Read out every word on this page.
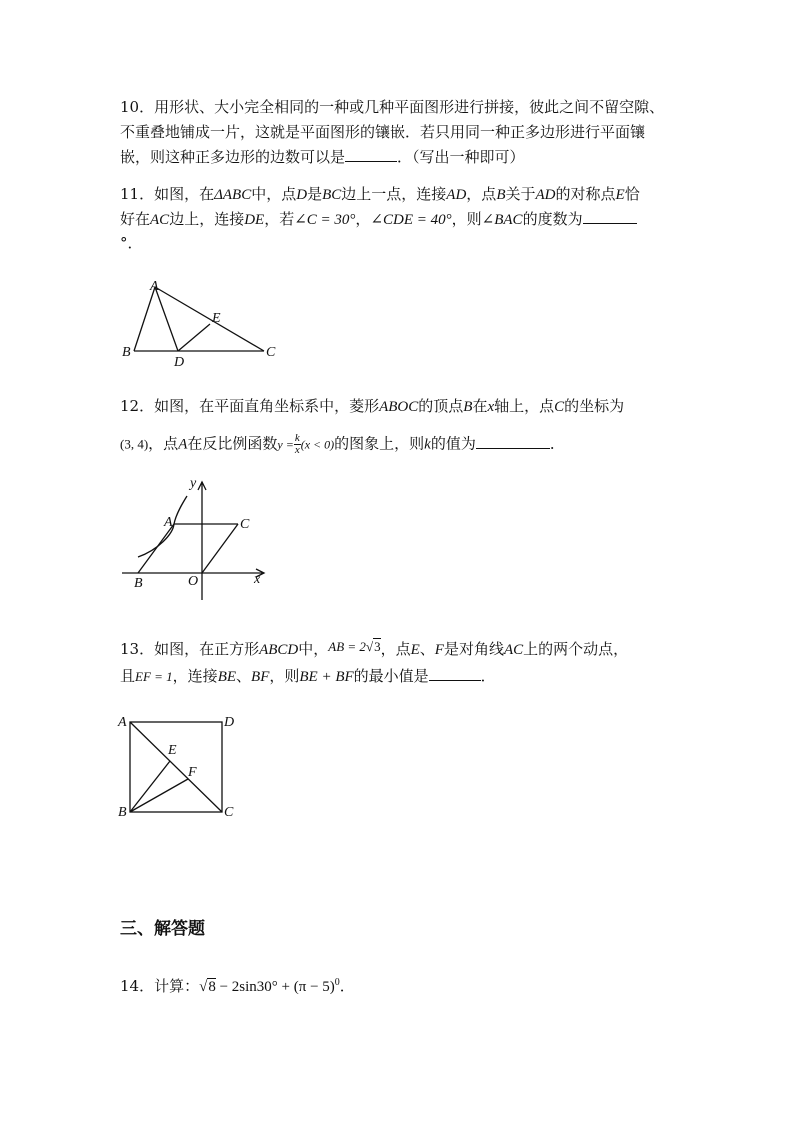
10．用形状、大小完全相同的一种或几种平面图形进行拼接，彼此之间不留空隙、
不重叠地铺成一片，这就是平面图形的镶嵌．若只用同一种正多边形进行平面镶
嵌，则这种正多边形的边数可以是	．（写出一种即可）
11．如图，在ΔABC中，点D是BC边上一点，连接AD，点B关于AD的对称点E恰
好在AC边上，连接DE，若∠C = 30°，∠CDE = 40°，则∠BAC的度数为
°．
A
B	C
D
E
12．如图，在平面直角坐标系中，菱形ABOC的顶点B在x轴上，点C的坐标为
(3, 4)，点A在反比例函数$y = \frac{k}{x} (x < 0)$的图象上，则k的值为	．
y
A	C
B	O	x
13．如图，在正方形ABCD中，AB = 2√3，点E、F是对角线AC上的两个动点，
且EF = 1，连接BE、BF，则BE + BF的最小值是	．
A	D
E
F
B	C
三、解答题
14．计算：$√8 - 2\sin 30^\circ + (\pi - 5)^0$．
